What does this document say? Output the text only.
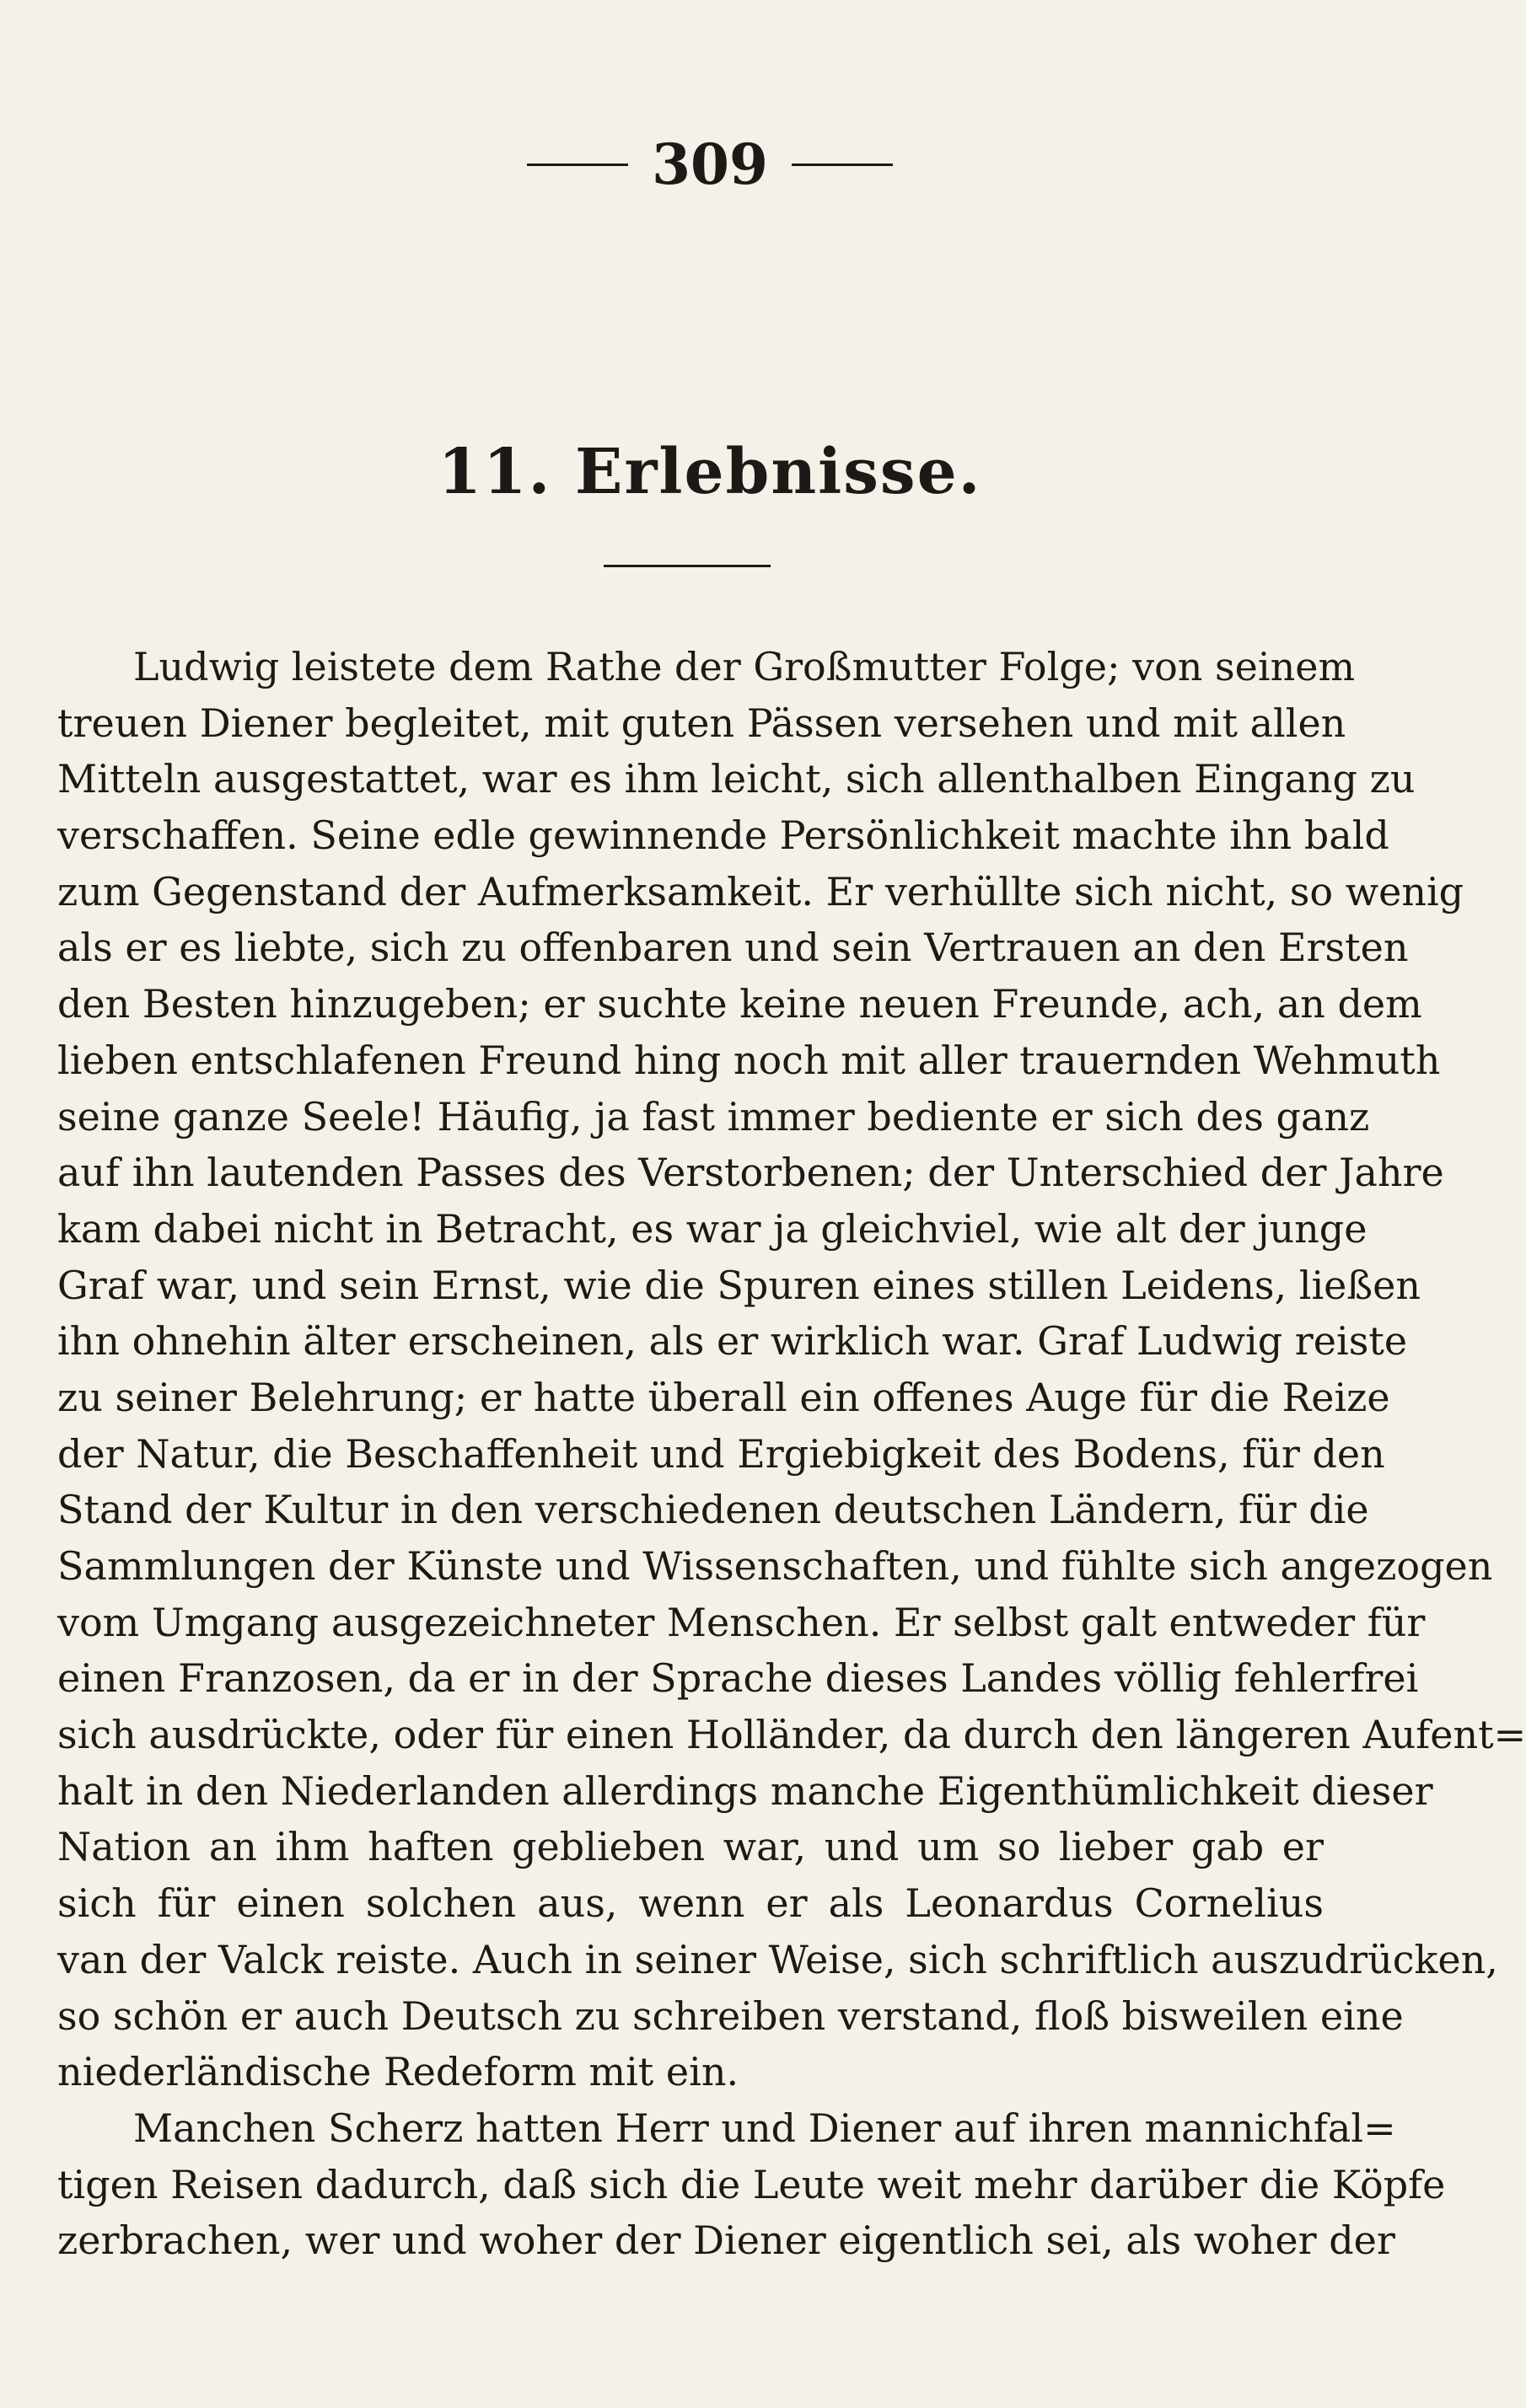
309
11. Erlebnisse.
Ludwig leistete dem Rathe der Großmutter Folge; von seinem
treuen Diener begleitet, mit guten Pässen versehen und mit allen
Mitteln ausgestattet, war es ihm leicht, sich allenthalben Eingang zu
verschaffen. Seine edle gewinnende Persönlichkeit machte ihn bald
zum Gegenstand der Aufmerksamkeit. Er verhüllte sich nicht, so wenig
als er es liebte, sich zu offenbaren und sein Vertrauen an den Ersten
den Besten hinzugeben; er suchte keine neuen Freunde, ach, an dem
lieben entschlafenen Freund hing noch mit aller trauernden Wehmuth
seine ganze Seele! Häufig, ja fast immer bediente er sich des ganz
auf ihn lautenden Passes des Verstorbenen; der Unterschied der Jahre
kam dabei nicht in Betracht, es war ja gleichviel, wie alt der junge
Graf war, und sein Ernst, wie die Spuren eines stillen Leidens, ließen
ihn ohnehin älter erscheinen, als er wirklich war. Graf Ludwig reiste
zu seiner Belehrung; er hatte überall ein offenes Auge für die Reize
der Natur, die Beschaffenheit und Ergiebigkeit des Bodens, für den
Stand der Kultur in den verschiedenen deutschen Ländern, für die
Sammlungen der Künste und Wissenschaften, und fühlte sich angezogen
vom Umgang ausgezeichneter Menschen. Er selbst galt entweder für
einen Franzosen, da er in der Sprache dieses Landes völlig fehlerfrei
sich ausdrückte, oder für einen Holländer, da durch den längeren Aufent=
halt in den Niederlanden allerdings manche Eigenthümlichkeit dieser
Nation an ihm haften geblieben war, und um so lieber gab er
sich für einen solchen aus, wenn er als Leonardus Cornelius
van der Valck reiste. Auch in seiner Weise, sich schriftlich auszudrücken,
so schön er auch Deutsch zu schreiben verstand, floß bisweilen eine
niederländische Redeform mit ein.
Manchen Scherz hatten Herr und Diener auf ihren mannichfal=
tigen Reisen dadurch, daß sich die Leute weit mehr darüber die Köpfe
zerbrachen, wer und woher der Diener eigentlich sei, als woher der
